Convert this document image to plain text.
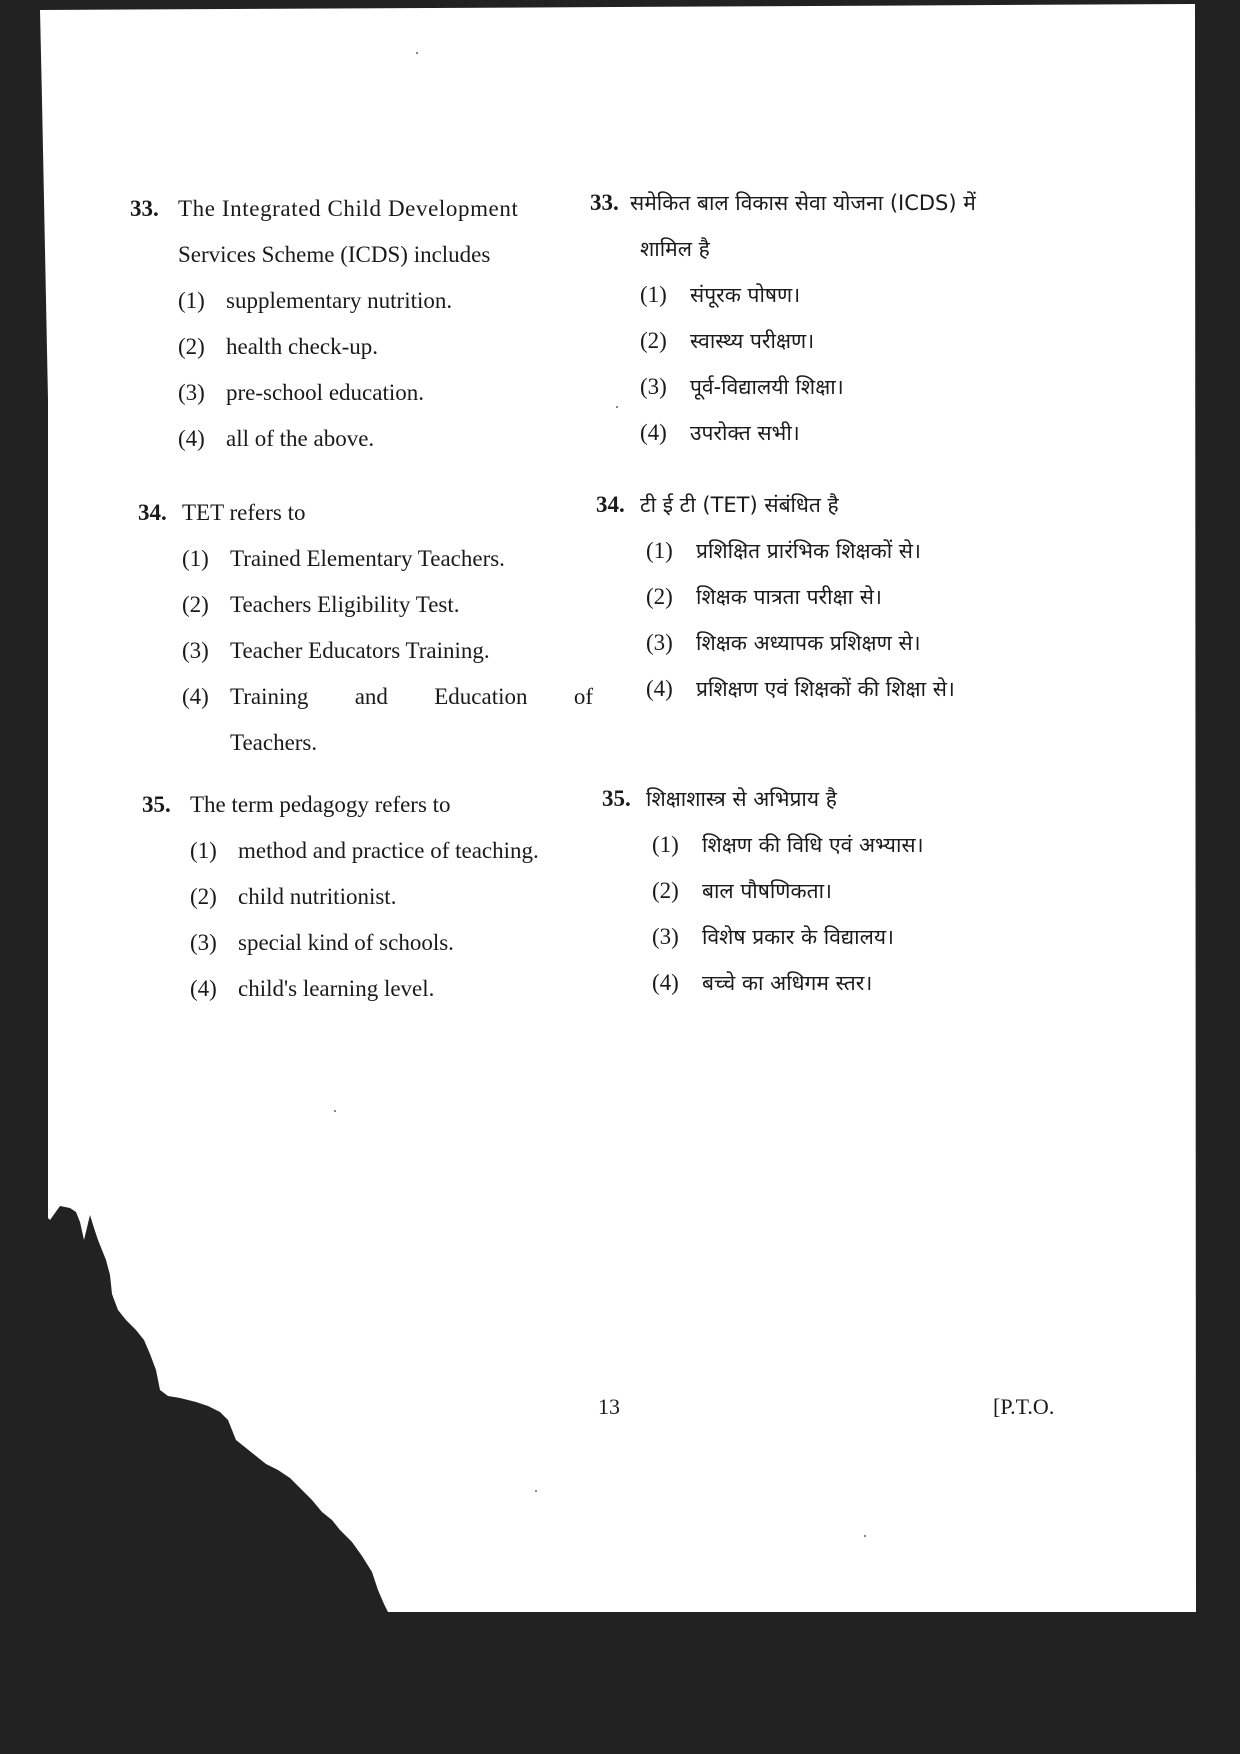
33. The Integrated Child Development
Services Scheme (ICDS) includes
(1) supplementary nutrition.
(2) health check-up.
(3) pre-school education.
(4) all of the above.
34. TET refers to
(1) Trained Elementary Teachers.
(2) Teachers Eligibility Test.
(3) Teacher Educators Training.
(4) Training and Education of
Teachers.
35. The term pedagogy refers to
(1) method and practice of teaching.
(2) child nutritionist.
(3) special kind of schools.
(4) child's learning level.
33. समेकित बाल विकास सेवा योजना (ICDS) में
शामिल है
(1)	संपूरक पोषण।
(2)	स्वास्थ्य परीक्षण।
(3)	पूर्व-विद्यालयी शिक्षा।
(4)	उपरोक्त सभी।
34. टी ई टी (TET) संबंधित है
(1)	प्रशिक्षित प्रारंभिक शिक्षकों से।
(2)	शिक्षक पात्रता परीक्षा से।
(3)	शिक्षक अध्यापक प्रशिक्षण से।
(4)	प्रशिक्षण एवं शिक्षकों की शिक्षा से।
35. शिक्षाशास्त्र से अभिप्राय है
(1)	शिक्षण की विधि एवं अभ्यास।
(2)	बाल पौषणिकता।
(3)	विशेष प्रकार के विद्यालय।
(4)	बच्चे का अधिगम स्तर।
13	[P.T.O.
